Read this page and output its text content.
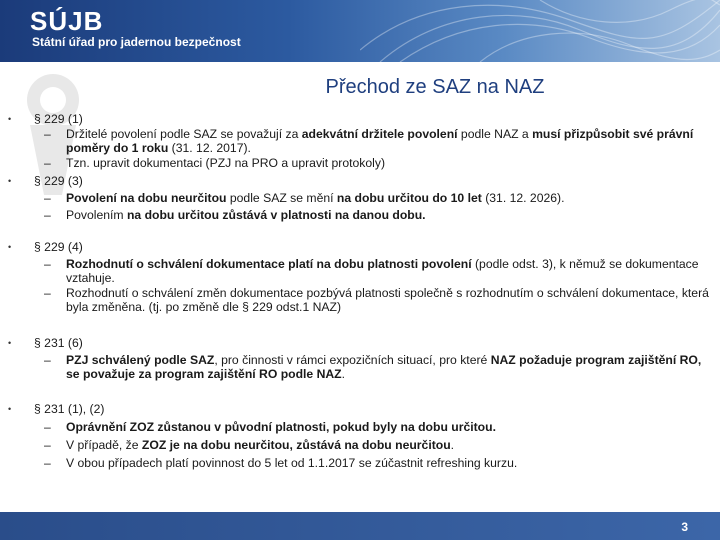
SÚJB
Státní úřad pro jadernou bezpečnost
Přechod ze SAZ na NAZ
• § 229 (1)
– Držitelé povolení podle SAZ se považují za adekvátní držitele povolení podle NAZ a musí přizpůsobit své právní poměry do 1 roku (31. 12. 2017).
– Tzn. upravit dokumentaci (PZJ na PRO a upravit protokoly)
• § 229 (3)
– Povolení na dobu neurčitou podle SAZ se mění na dobu určitou do 10 let (31. 12. 2026).
– Povolením na dobu určitou zůstává v platnosti na danou dobu.
• § 229 (4)
– Rozhodnutí o schválení dokumentace platí na dobu platnosti povolení (podle odst. 3), k němuž se dokumentace vztahuje.
– Rozhodnutí o schválení změn dokumentace pozbývá platnosti společně s rozhodnutím o schválení dokumentace, která byla změněna. (tj. po změně dle § 229 odst.1 NAZ)
• § 231 (6)
– PZJ schválený podle SAZ, pro činnosti v rámci expozičních situací, pro které NAZ požaduje program zajištění RO, se považuje za program zajištění RO podle NAZ.
• § 231 (1), (2)
– Oprávnění ZOZ zůstanou v původní platnosti, pokud byly na dobu určitou.
– V případě, že ZOZ je na dobu neurčitou, zůstává na dobu neurčitou.
– V obou případech platí povinnost do 5 let od 1.1.2017 se zúčastnit refreshing kurzu.
3
